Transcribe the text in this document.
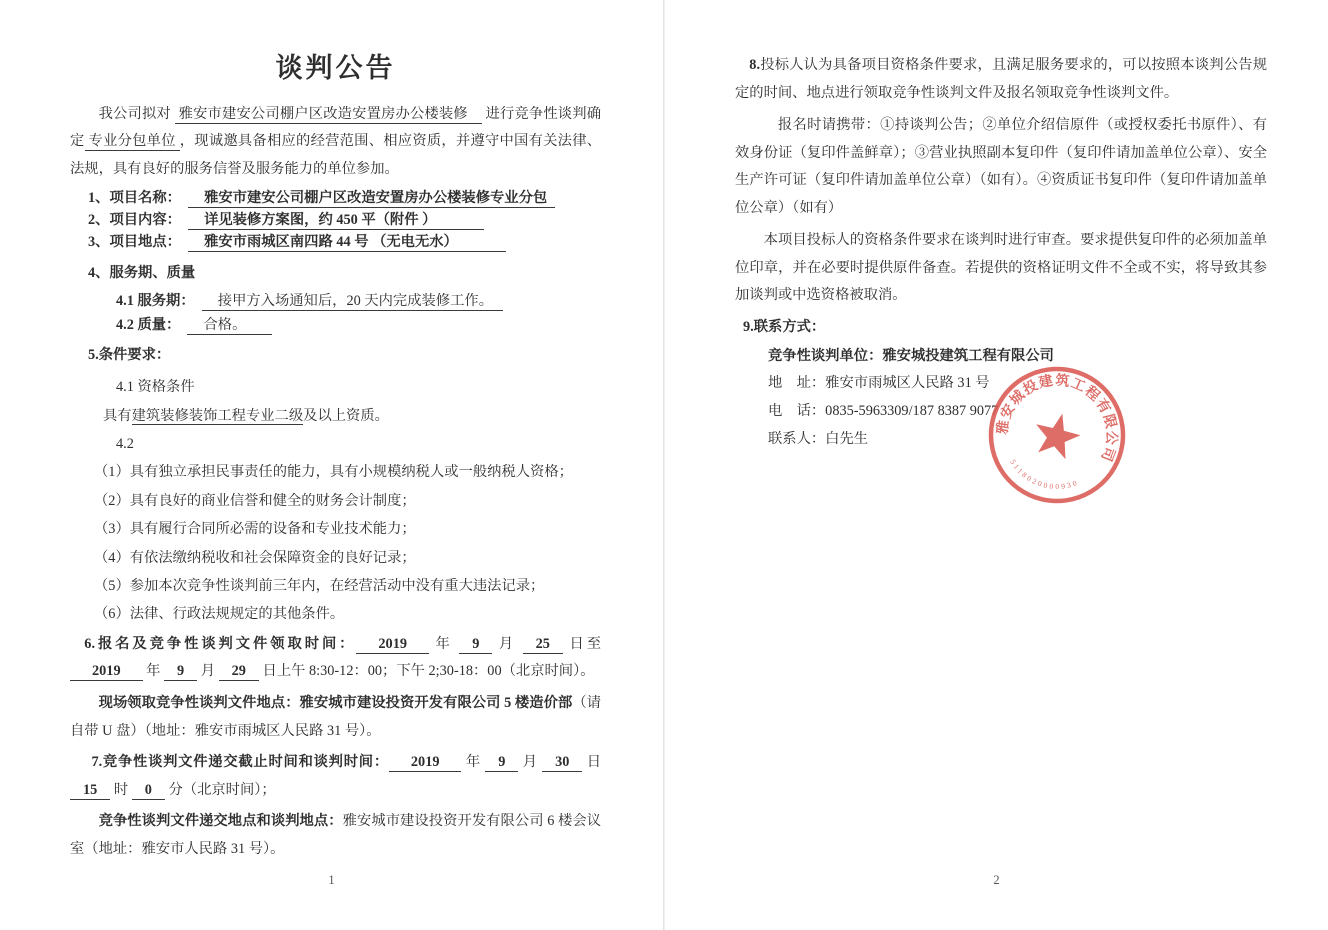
谈判公告

我公司拟对 雅安市建安公司棚户区改造安置房办公楼装修 进行竞争性谈判确定 专业分包单位 ，现诚邀具备相应的经营范围、相应资质，并遵守中国有关法律、法规，具有良好的服务信誉及服务能力的单位参加。

1、项目名称：　 雅安市建安公司棚户区改造安置房办公楼装修专业分包

2、项目内容：　 详见装修方案图，约 450 平（附件 ）

3、项目地点：　 雅安市雨城区南四路 44 号 （无电无水）

4、服务期、质量

4.1 服务期：　 接甲方入场通知后，20 天内完成装修工作。

4.2 质量：　 合格。

5.条件要求：

4.1 资格条件

具有建筑装修装饰工程专业二级及以上资质。

4.2

（1）具有独立承担民事责任的能力，具有小规模纳税人或一般纳税人资格；

（2）具有良好的商业信誉和健全的财务会计制度；

（3）具有履行合同所必需的设备和专业技术能力；

（4）有依法缴纳税收和社会保障资金的良好记录；

（5）参加本次竞争性谈判前三年内，在经营活动中没有重大违法记录；

（6）法律、行政法规规定的其他条件。

6.报名及竞争性谈判文件领取时间： 2019 年 9 月 25 日至 2019 年 9 月 29 日上午 8:30-12：00；下午 2;30-18：00（北京时间）。

现场领取竞争性谈判文件地点：雅安城市建设投资开发有限公司 5 楼造价部（请自带 U 盘）（地址：雅安市雨城区人民路 31 号）。

7.竞争性谈判文件递交截止时间和谈判时间： 2019 年 9 月 30 日 15 时 0 分（北京时间）；

竞争性谈判文件递交地点和谈判地点：雅安城市建设投资开发有限公司 6 楼会议室（地址：雅安市人民路 31 号）。

1

8.投标人认为具备项目资格条件要求，且满足服务要求的，可以按照本谈判公告规定的时间、地点进行领取竞争性谈判文件及报名领取竞争性谈判文件。

报名时请携带：①持谈判公告；②单位介绍信原件（或授权委托书原件）、有效身份证（复印件盖鲜章）；③营业执照副本复印件（复印件请加盖单位公章）、安全生产许可证（复印件请加盖单位公章）（如有）。④资质证书复印件（复印件请加盖单位公章）（如有）

本项目投标人的资格条件要求在谈判时进行审查。要求提供复印件的必须加盖单位印章，并在必要时提供原件备查。若提供的资格证明文件不全或不实，将导致其参加谈判或中选资格被取消。

9.联系方式：

竞争性谈判单位：雅安城投建筑工程有限公司

地　址：雅安市雨城区人民路 31 号

电　话：0835-5963309/187 8387 9077

联系人：白先生

雅安城投建筑工程有限公司
5118020000930
2
